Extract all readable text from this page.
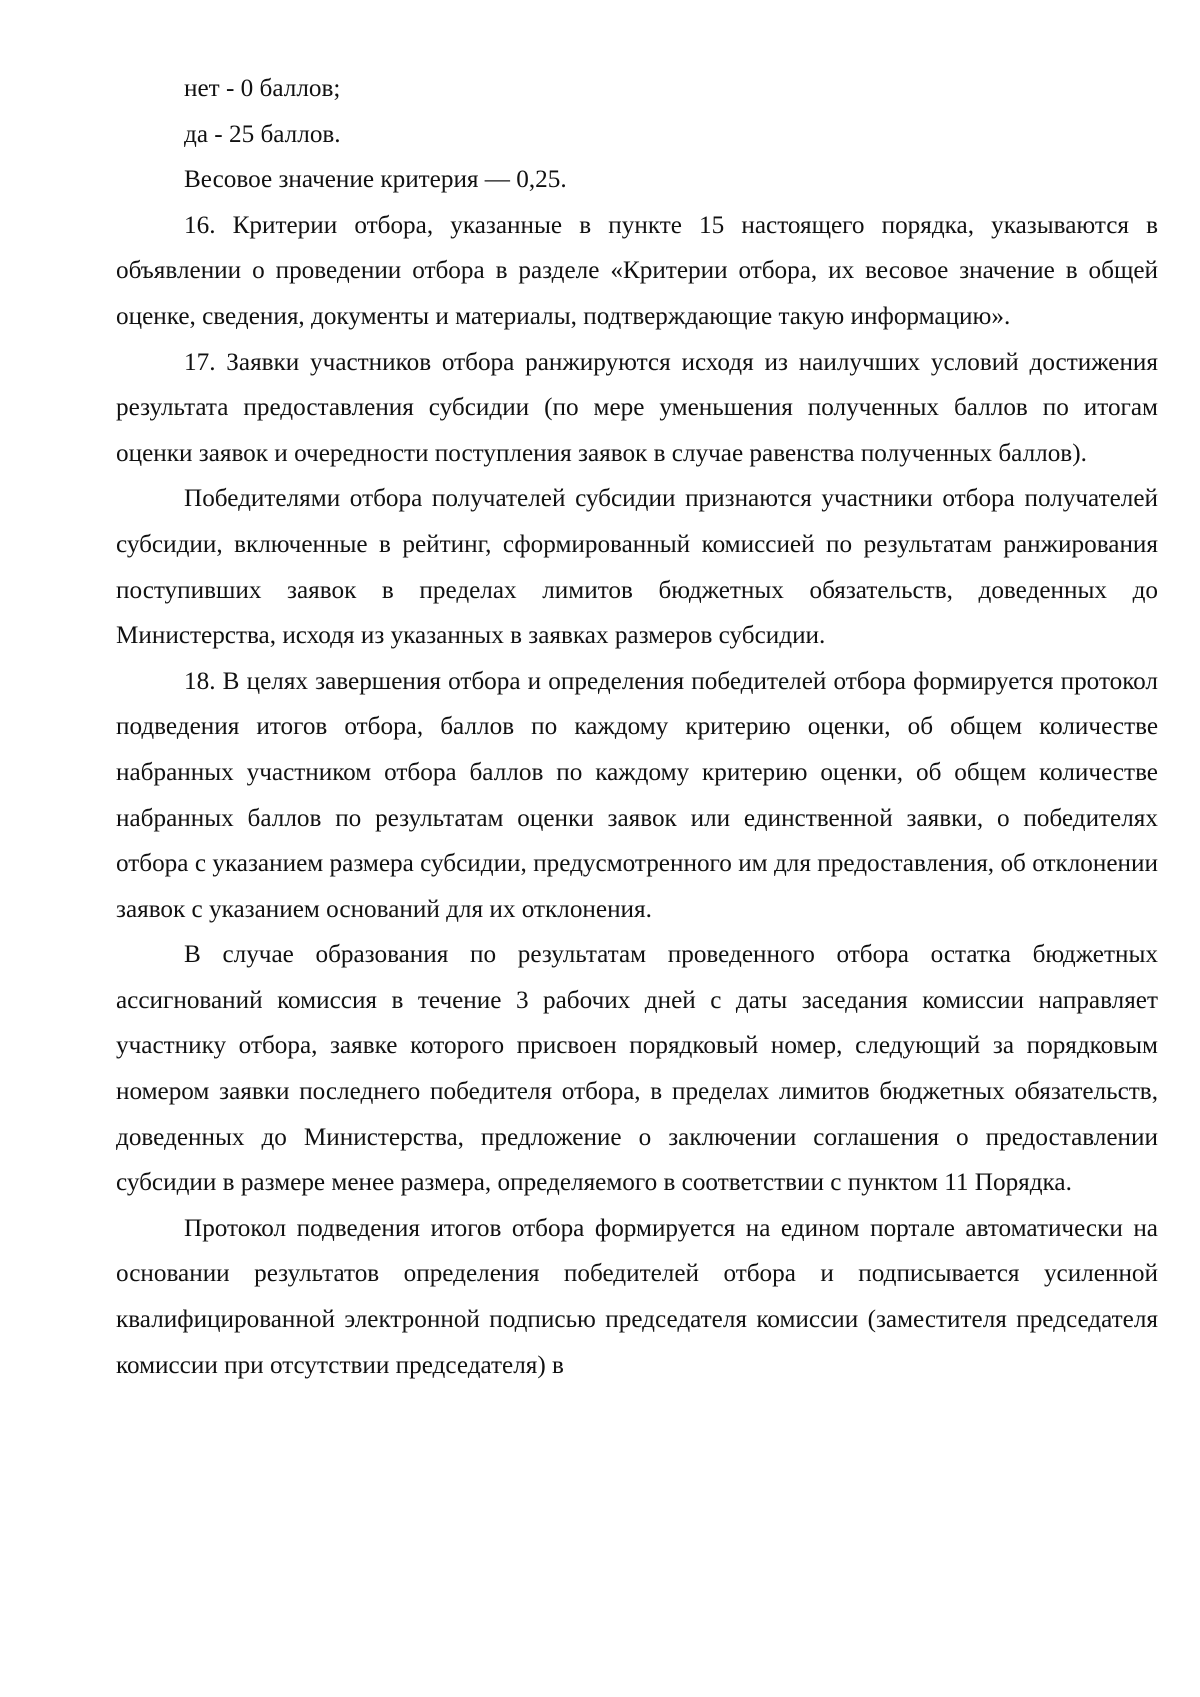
нет - 0 баллов;

да - 25 баллов.

Весовое значение критерия — 0,25.

16. Критерии отбора, указанные в пункте 15 настоящего порядка, указываются в объявлении о проведении отбора в разделе «Критерии отбора, их весовое значение в общей оценке, сведения, документы и материалы, подтверждающие такую информацию».

17. Заявки участников отбора ранжируются исходя из наилучших условий достижения результата предоставления субсидии (по мере уменьшения полученных баллов по итогам оценки заявок и очередности поступления заявок в случае равенства полученных баллов).

Победителями отбора получателей субсидии признаются участники отбора получателей субсидии, включенные в рейтинг, сформированный комиссией по результатам ранжирования поступивших заявок в пределах лимитов бюджетных обязательств, доведенных до Министерства, исходя из указанных в заявках размеров субсидии.

18. В целях завершения отбора и определения победителей отбора формируется протокол подведения итогов отбора, баллов по каждому критерию оценки, об общем количестве набранных участником отбора баллов по каждому критерию оценки, об общем количестве набранных баллов по результатам оценки заявок или единственной заявки, о победителях отбора с указанием размера субсидии, предусмотренного им для предоставления, об отклонении заявок с указанием оснований для их отклонения.

В случае образования по результатам проведенного отбора остатка бюджетных ассигнований комиссия в течение 3 рабочих дней с даты заседания комиссии направляет участнику отбора, заявке которого присвоен порядковый номер, следующий за порядковым номером заявки последнего победителя отбора, в пределах лимитов бюджетных обязательств, доведенных до Министерства, предложение о заключении соглашения о предоставлении субсидии в размере менее размера, определяемого в соответствии с пунктом 11 Порядка.

Протокол подведения итогов отбора формируется на едином портале автоматически на основании результатов определения победителей отбора и подписывается усиленной квалифицированной электронной подписью председателя комиссии (заместителя председателя комиссии при отсутствии председателя) в
